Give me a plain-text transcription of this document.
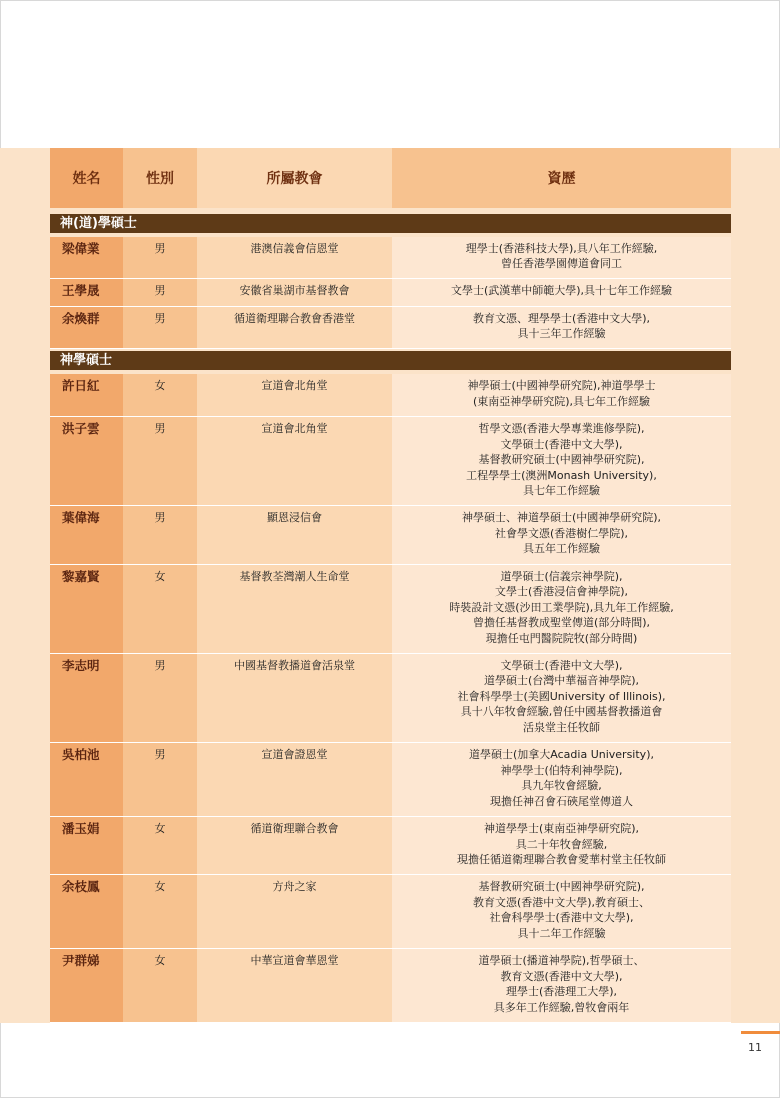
姓名	性別	所屬教會	資歷
神(道)學碩士
梁偉業	男	港澳信義會信恩堂	理學士(香港科技大學),具八年工作經驗,
曾任香港學園傳道會同工
王學晟	男	安徽省巢湖市基督教會	文學士(武漢華中師範大學),具十七年工作經驗
余煥群	男	循道衛理聯合教會香港堂	教育文憑、理學學士(香港中文大學),
具十三年工作經驗
神學碩士
許日紅	女	宣道會北角堂	神學碩士(中國神學研究院),神道學學士
(東南亞神學研究院),具七年工作經驗
洪子雲	男	宣道會北角堂	哲學文憑(香港大學專業進修學院),
文學碩士(香港中文大學),
基督教研究碩士(中國神學研究院),
工程學學士(澳洲Monash University),
具七年工作經驗
葉偉海	男	顯恩浸信會	神學碩士、神道學碩士(中國神學研究院),
社會學文憑(香港樹仁學院),
具五年工作經驗
黎嘉賢	女	基督教荃灣潮人生命堂	道學碩士(信義宗神學院),
文學士(香港浸信會神學院),
時裝設計文憑(沙田工業學院),具九年工作經驗,
曾擔任基督教成聖堂傳道(部分時間),
現擔任屯門醫院院牧(部分時間)
李志明	男	中國基督教播道會活泉堂	文學碩士(香港中文大學),
道學碩士(台灣中華福音神學院),
社會科學學士(美國University of Illinois),
具十八年牧會經驗,曾任中國基督教播道會
活泉堂主任牧師
吳柏池	男	宣道會證恩堂	道學碩士(加拿大Acadia University),
神學學士(伯特利神學院),
具九年牧會經驗,
現擔任神召會石硤尾堂傳道人
潘玉娟	女	循道衛理聯合教會	神道學學士(東南亞神學研究院),
具二十年牧會經驗,
現擔任循道衛理聯合教會愛華村堂主任牧師
余枝鳳	女	方舟之家	基督教研究碩士(中國神學研究院),
教育文憑(香港中文大學),教育碩士、
社會科學學士(香港中文大學),
具十二年工作經驗
尹群娣	女	中華宣道會華恩堂	道學碩士(播道神學院),哲學碩士、
教育文憑(香港中文大學),
理學士(香港理工大學),
具多年工作經驗,曾牧會兩年
11
